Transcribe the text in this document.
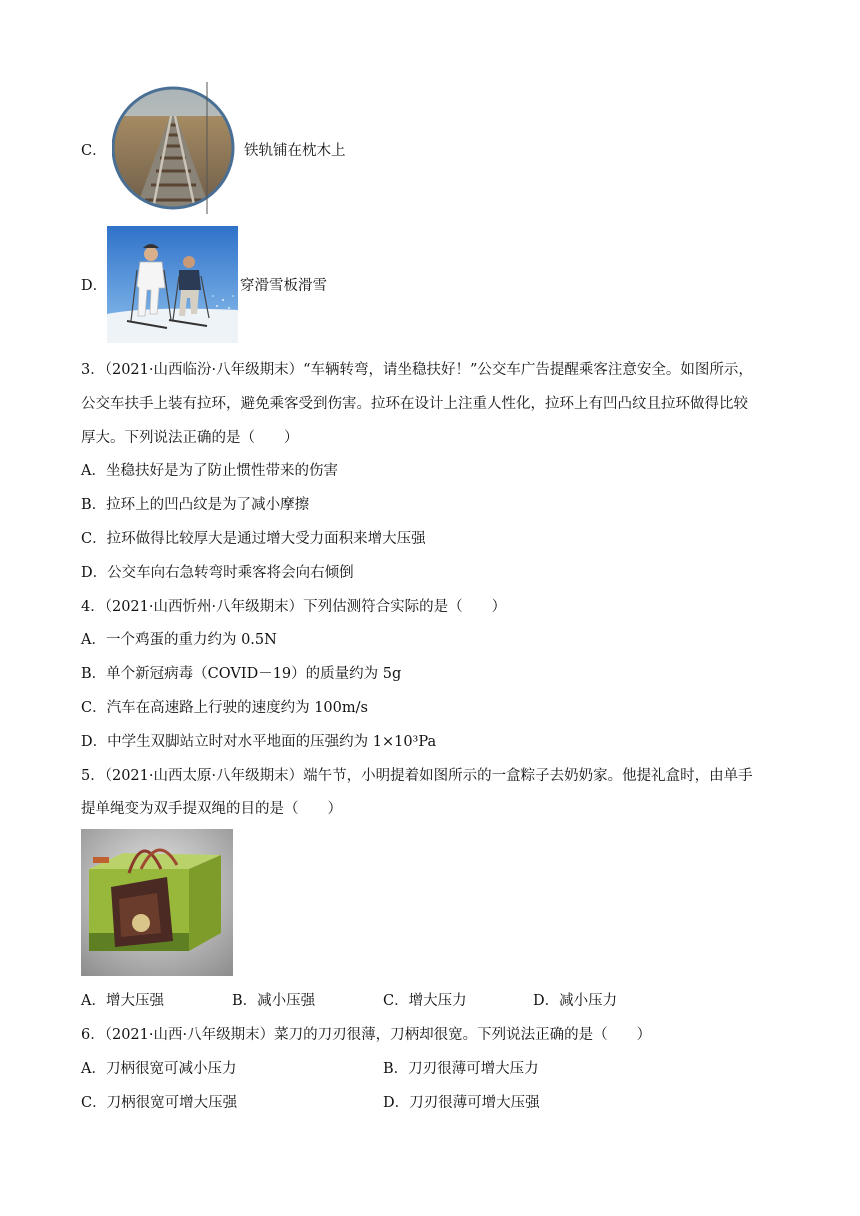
C．	铁轨铺在枕木上
D．	穿滑雪板滑雪
3．（2021·山西临汾·八年级期末）“车辆转弯，请坐稳扶好！”公交车广告提醒乘客注意安全。如图所示，
公交车扶手上装有拉环，避免乘客受到伤害。拉环在设计上注重人性化，拉环上有凹凸纹且拉环做得比较
厚大。下列说法正确的是（　　）
A．坐稳扶好是为了防止惯性带来的伤害
B．拉环上的凹凸纹是为了减小摩擦
C．拉环做得比较厚大是通过增大受力面积来增大压强
D．公交车向右急转弯时乘客将会向右倾倒
4．（2021·山西忻州·八年级期末）下列估测符合实际的是（　　）
A．一个鸡蛋的重力约为 0.5N
B．单个新冠病毒（COVID－19）的质量约为 5g
C．汽车在高速路上行驶的速度约为 100m/s
D．中学生双脚站立时对水平地面的压强约为 1×10³Pa
5．（2021·山西太原·八年级期末）端午节，小明提着如图所示的一盒粽子去奶奶家。他提礼盒时，由单手
提单绳变为双手提双绳的目的是（　　）
A．增大压强	B．减小压强	C．增大压力	D．减小压力
6．（2021·山西·八年级期末）菜刀的刀刃很薄，刀柄却很宽。下列说法正确的是（　　）
A．刀柄很宽可减小压力	B．刀刃很薄可增大压力
C．刀柄很宽可增大压强	D．刀刃很薄可增大压强
